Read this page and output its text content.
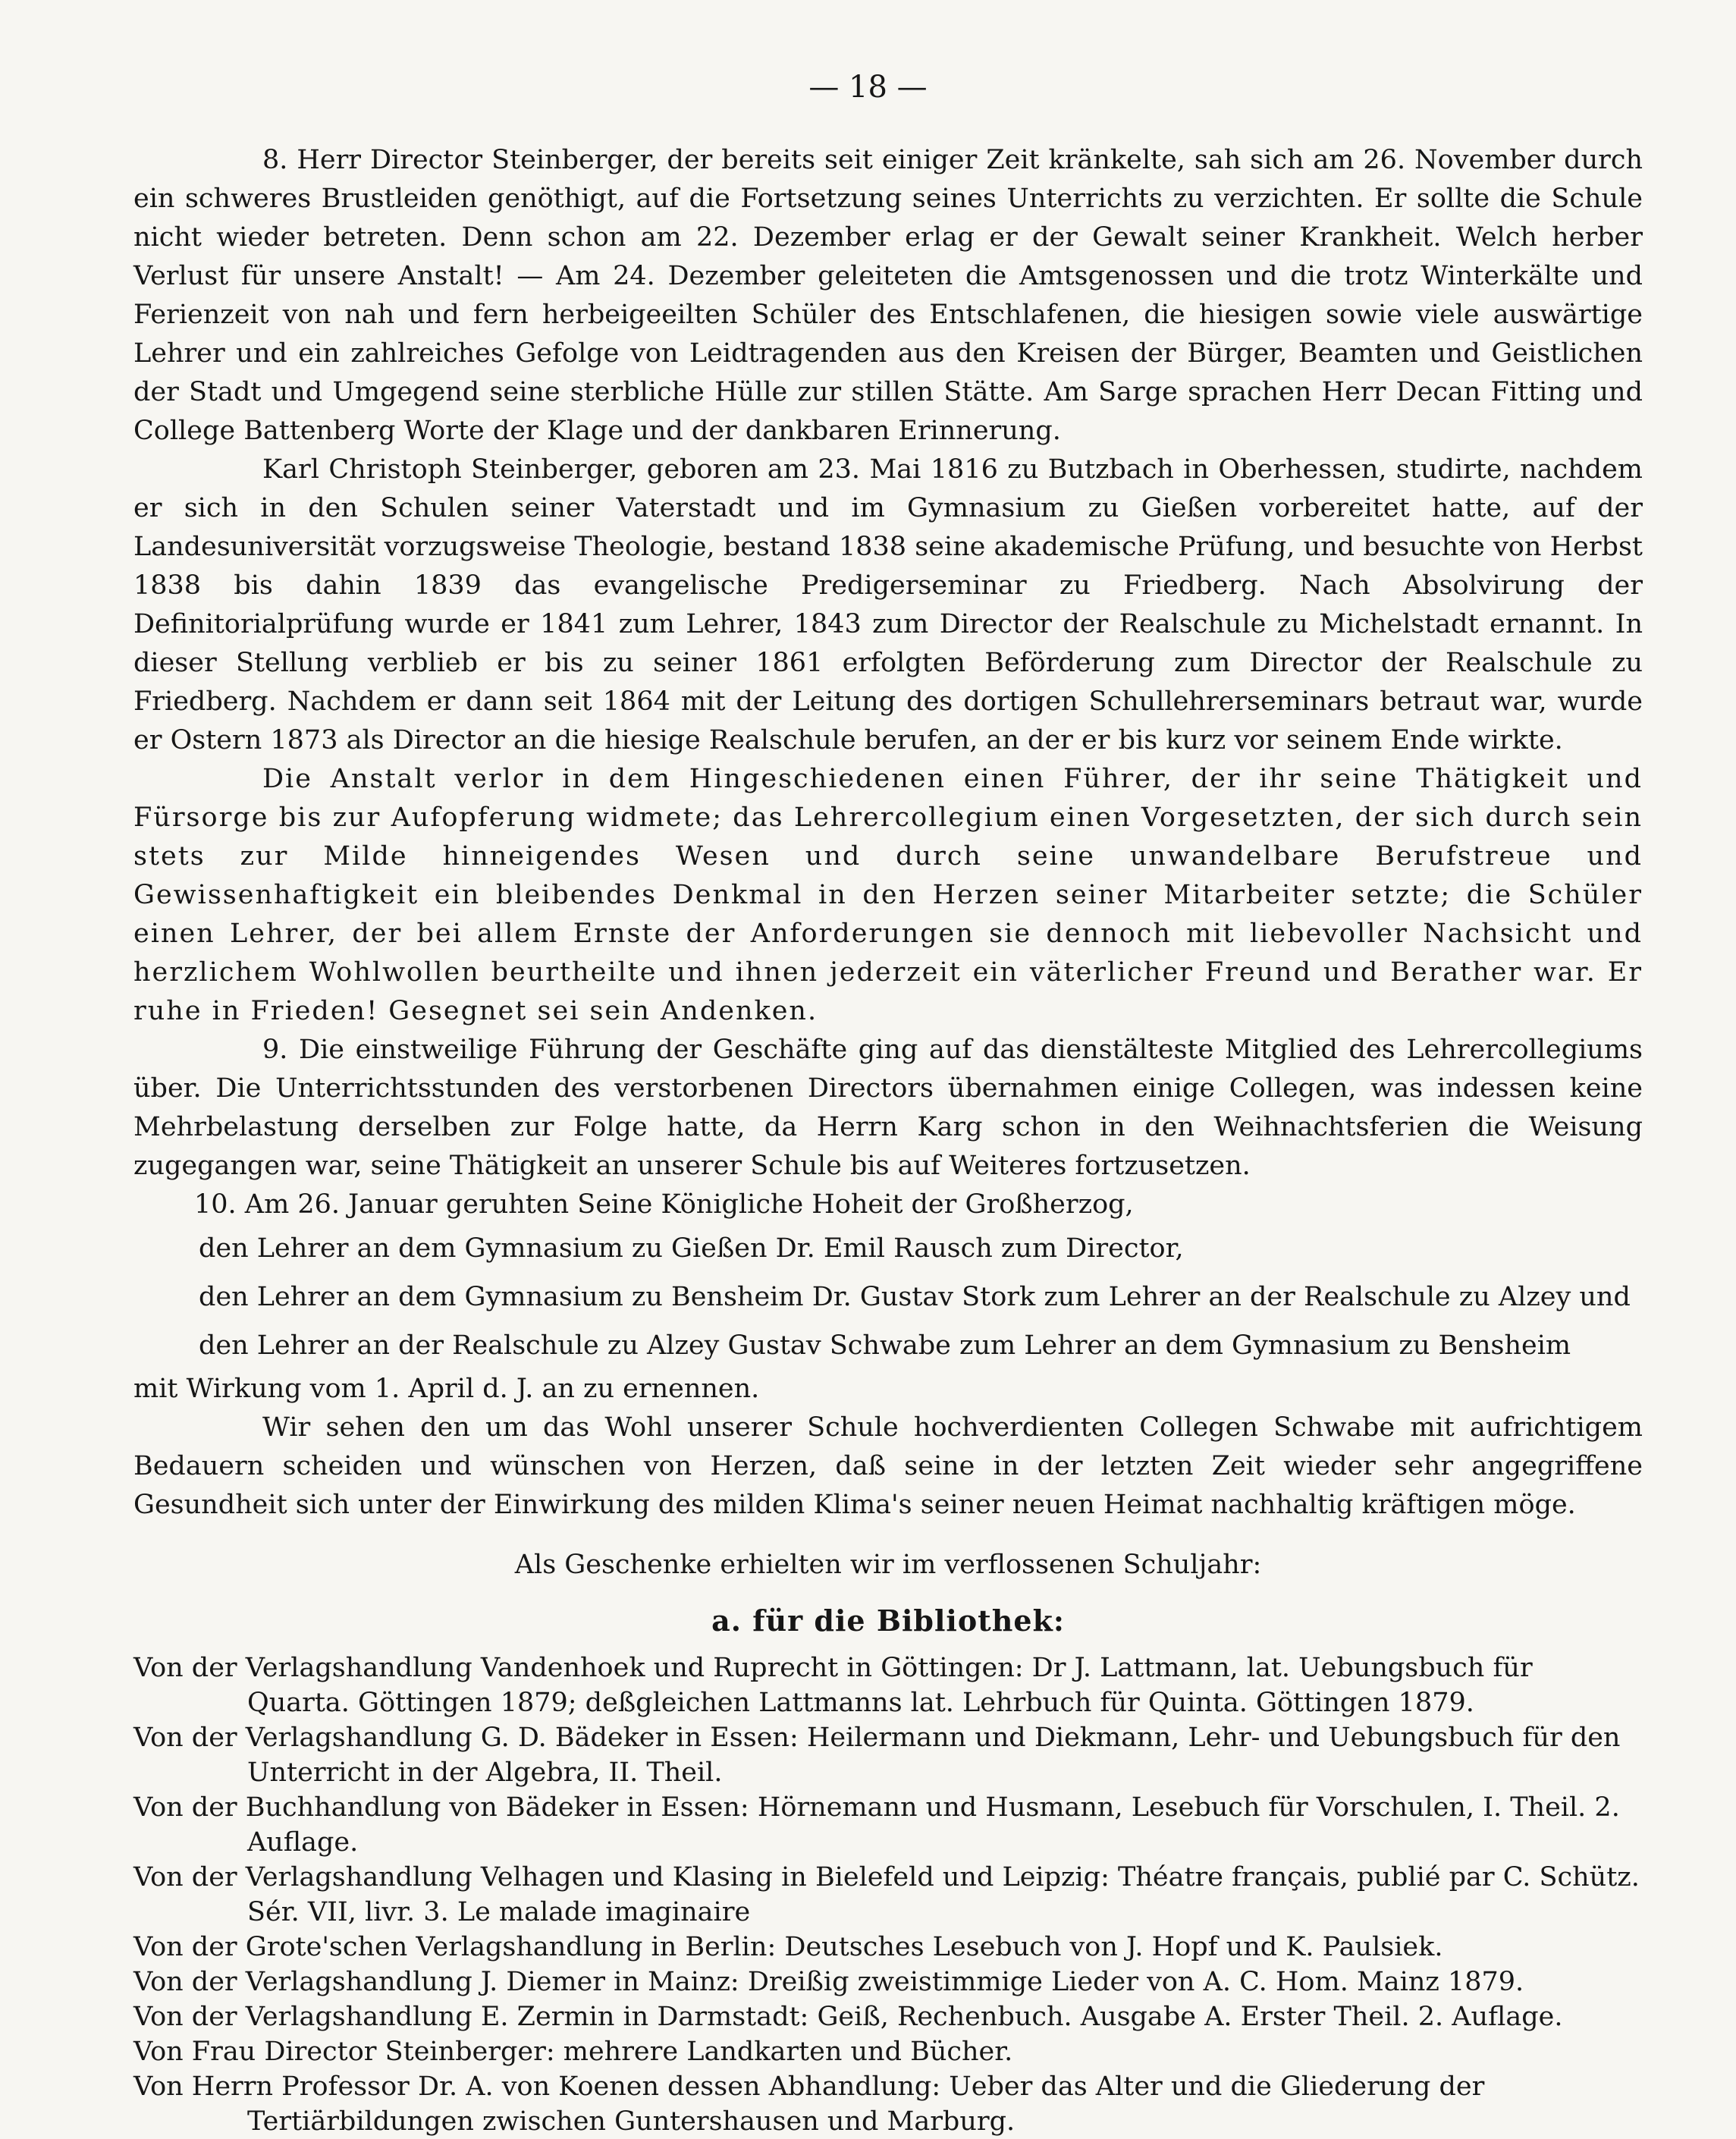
— 18 —

8. Herr Director Steinberger, der bereits seit einiger Zeit kränkelte, sah sich am 26. November durch ein schweres Brustleiden genöthigt, auf die Fortsetzung seines Unterrichts zu verzichten. Er sollte die Schule nicht wieder betreten. Denn schon am 22. Dezember erlag er der Gewalt seiner Krankheit. Welch herber Verlust für unsere Anstalt! — Am 24. Dezember geleiteten die Amtsgenossen und die trotz Winterkälte und Ferienzeit von nah und fern herbeigeeilten Schüler des Entschlafenen, die hiesigen sowie viele auswärtige Lehrer und ein zahlreiches Gefolge von Leidtragenden aus den Kreisen der Bürger, Beamten und Geistlichen der Stadt und Umgegend seine sterbliche Hülle zur stillen Stätte. Am Sarge sprachen Herr Decan Fitting und College Battenberg Worte der Klage und der dankbaren Erinnerung.

Karl Christoph Steinberger, geboren am 23. Mai 1816 zu Butzbach in Oberhessen, studirte, nachdem er sich in den Schulen seiner Vaterstadt und im Gymnasium zu Gießen vorbereitet hatte, auf der Landesuniversität vorzugsweise Theologie, bestand 1838 seine akademische Prüfung, und besuchte von Herbst 1838 bis dahin 1839 das evangelische Predigerseminar zu Friedberg. Nach Absolvirung der Definitorialprüfung wurde er 1841 zum Lehrer, 1843 zum Director der Realschule zu Michelstadt ernannt. In dieser Stellung verblieb er bis zu seiner 1861 erfolgten Beförderung zum Director der Realschule zu Friedberg. Nachdem er dann seit 1864 mit der Leitung des dortigen Schullehrerseminars betraut war, wurde er Ostern 1873 als Director an die hiesige Realschule berufen, an der er bis kurz vor seinem Ende wirkte.

Die Anstalt verlor in dem Hingeschiedenen einen Führer, der ihr seine Thätigkeit und Fürsorge bis zur Aufopferung widmete; das Lehrercollegium einen Vorgesetzten, der sich durch sein stets zur Milde hinneigendes Wesen und durch seine unwandelbare Berufstreue und Gewissenhaftigkeit ein bleibendes Denkmal in den Herzen seiner Mitarbeiter setzte; die Schüler einen Lehrer, der bei allem Ernste der Anforderungen sie dennoch mit liebevoller Nachsicht und herzlichem Wohlwollen beurtheilte und ihnen jederzeit ein väterlicher Freund und Berather war. Er ruhe in Frieden! Gesegnet sei sein Andenken.

9. Die einstweilige Führung der Geschäfte ging auf das dienstälteste Mitglied des Lehrercollegiums über. Die Unterrichtsstunden des verstorbenen Directors übernahmen einige Collegen, was indessen keine Mehrbelastung derselben zur Folge hatte, da Herrn Karg schon in den Weihnachtsferien die Weisung zugegangen war, seine Thätigkeit an unserer Schule bis auf Weiteres fortzusetzen.

10. Am 26. Januar geruhten Seine Königliche Hoheit der Großherzog,

den Lehrer an dem Gymnasium zu Gießen Dr. Emil Rausch zum Director,

den Lehrer an dem Gymnasium zu Bensheim Dr. Gustav Stork zum Lehrer an der Realschule zu Alzey und

den Lehrer an der Realschule zu Alzey Gustav Schwabe zum Lehrer an dem Gymnasium zu Bensheim

mit Wirkung vom 1. April d. J. an zu ernennen.

Wir sehen den um das Wohl unserer Schule hochverdienten Collegen Schwabe mit aufrichtigem Bedauern scheiden und wünschen von Herzen, daß seine in der letzten Zeit wieder sehr angegriffene Gesundheit sich unter der Einwirkung des milden Klima's seiner neuen Heimat nachhaltig kräftigen möge.

Als Geschenke erhielten wir im verflossenen Schuljahr:

a. für die Bibliothek:

Von der Verlagshandlung Vandenhoek und Ruprecht in Göttingen: Dr J. Lattmann, lat. Uebungsbuch für Quarta. Göttingen 1879; deßgleichen Lattmanns lat. Lehrbuch für Quinta. Göttingen 1879.

Von der Verlagshandlung G. D. Bädeker in Essen: Heilermann und Diekmann, Lehr- und Uebungsbuch für den Unterricht in der Algebra, II. Theil.

Von der Buchhandlung von Bädeker in Essen: Hörnemann und Husmann, Lesebuch für Vorschulen, I. Theil. 2. Auflage.

Von der Verlagshandlung Velhagen und Klasing in Bielefeld und Leipzig: Théatre français, publié par C. Schütz. Sér. VII, livr. 3. Le malade imaginaire

Von der Grote'schen Verlagshandlung in Berlin: Deutsches Lesebuch von J. Hopf und K. Paulsiek.

Von der Verlagshandlung J. Diemer in Mainz: Dreißig zweistimmige Lieder von A. C. Hom. Mainz 1879.

Von der Verlagshandlung E. Zermin in Darmstadt: Geiß, Rechenbuch. Ausgabe A. Erster Theil. 2. Auflage.

Von Frau Director Steinberger: mehrere Landkarten und Bücher.

Von Herrn Professor Dr. A. von Koenen dessen Abhandlung: Ueber das Alter und die Gliederung der Tertiärbildungen zwischen Guntershausen und Marburg.
